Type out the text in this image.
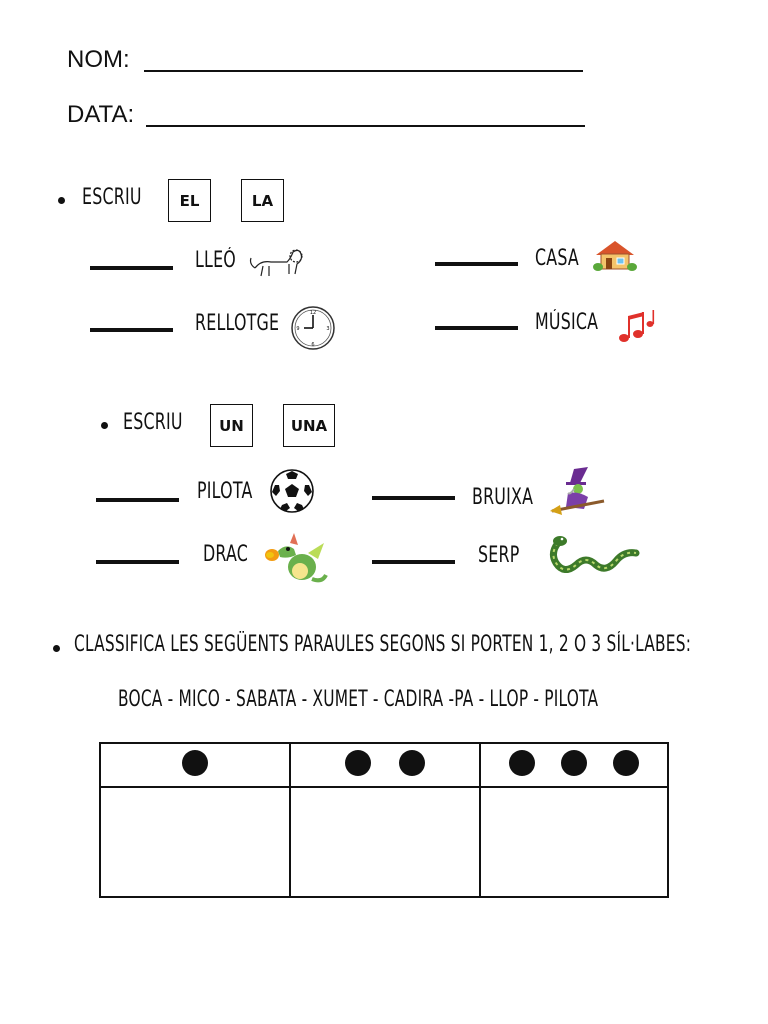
NOM:
DATA:
ESCRIU	EL	LA
LLEÓ	CASA
RELLOTGE	12
3
6
9	MÚSICA
ESCRIU	UN	UNA
PILOTA	BRUIXA
DRAC	SERP
CLASSIFICA LES SEGÜENTS PARAULES SEGONS SI PORTEN 1, 2 O 3 SÍL·LABES:
BOCA - MICO - SABATA - XUMET - CADIRA -PA - LLOP - PILOTA
